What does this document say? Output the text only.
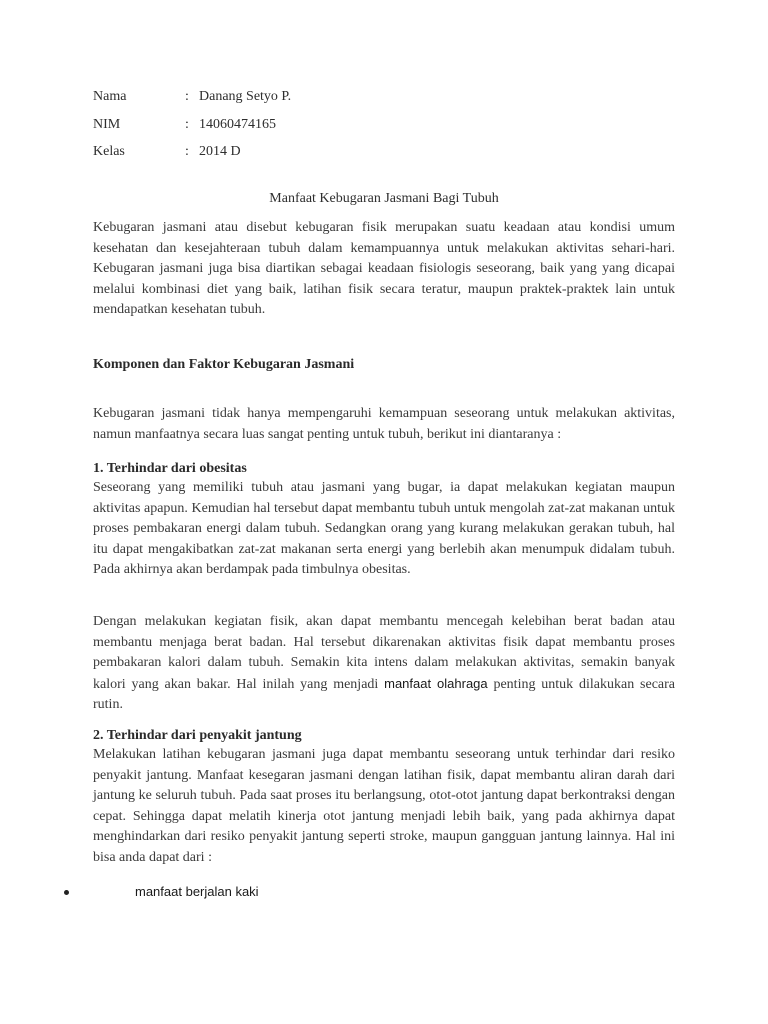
Nama	: Danang Setyo P.
NIM	: 14060474165
Kelas	: 2014 D
Manfaat Kebugaran Jasmani Bagi Tubuh

Kebugaran jasmani atau disebut kebugaran fisik merupakan suatu keadaan atau kondisi umum kesehatan dan kesejahteraan tubuh dalam kemampuannya untuk melakukan aktivitas sehari-hari. Kebugaran jasmani juga bisa diartikan sebagai keadaan fisiologis seseorang, baik yang yang dicapai melalui kombinasi diet yang baik, latihan fisik secara teratur, maupun praktek-praktek lain untuk mendapatkan kesehatan tubuh.

Komponen dan Faktor Kebugaran Jasmani

Kebugaran jasmani tidak hanya mempengaruhi kemampuan seseorang untuk melakukan aktivitas, namun manfaatnya secara luas sangat penting untuk tubuh, berikut ini diantaranya :

1. Terhindar dari obesitas

Seseorang yang memiliki tubuh atau jasmani yang bugar, ia dapat melakukan kegiatan maupun aktivitas apapun. Kemudian hal tersebut dapat membantu tubuh untuk mengolah zat-zat makanan untuk proses pembakaran energi dalam tubuh. Sedangkan orang yang kurang melakukan gerakan tubuh, hal itu dapat mengakibatkan zat-zat makanan serta energi yang berlebih akan menumpuk didalam tubuh. Pada akhirnya akan berdampak pada timbulnya obesitas.

Dengan melakukan kegiatan fisik, akan dapat membantu mencegah kelebihan berat badan atau membantu menjaga berat badan. Hal tersebut dikarenakan aktivitas fisik dapat membantu proses pembakaran kalori dalam tubuh. Semakin kita intens dalam melakukan aktivitas, semakin banyak kalori yang akan bakar. Hal inilah yang menjadi manfaat olahraga penting untuk dilakukan secara rutin.

2. Terhindar dari penyakit jantung

Melakukan latihan kebugaran jasmani juga dapat membantu seseorang untuk terhindar dari resiko penyakit jantung. Manfaat kesegaran jasmani dengan latihan fisik, dapat membantu aliran darah dari jantung ke seluruh tubuh. Pada saat proses itu berlangsung, otot-otot jantung dapat berkontraksi dengan cepat. Sehingga dapat melatih kinerja otot jantung menjadi lebih baik, yang pada akhirnya dapat menghindarkan dari resiko penyakit jantung seperti stroke, maupun gangguan jantung lainnya. Hal ini bisa anda dapat dari :

manfaat berjalan kaki
